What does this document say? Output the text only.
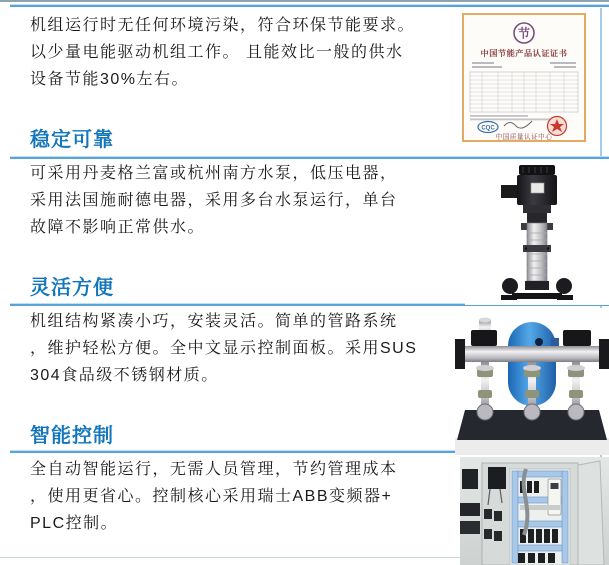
机组运行时无任何环境污染，符合环保节能要求。
以少量电能驱动机组工作。 且能效比一般的供水
设备节能30%左右。
稳定可靠
可采用丹麦格兰富或杭州南方水泵，低压电器，
采用法国施耐德电器，采用多台水泵运行，单台
故障不影响正常供水。
灵活方便
机组结构紧凑小巧，安装灵活。简单的管路系统
，维护轻松方便。全中文显示控制面板。采用SUS
304食品级不锈钢材质。
智能控制
全自动智能运行，无需人员管理，节约管理成本
，使用更省心。控制核心采用瑞士ABB变频器+
PLC控制。
节
中国节能产品认证证书
CQC
中国质量认证中心
